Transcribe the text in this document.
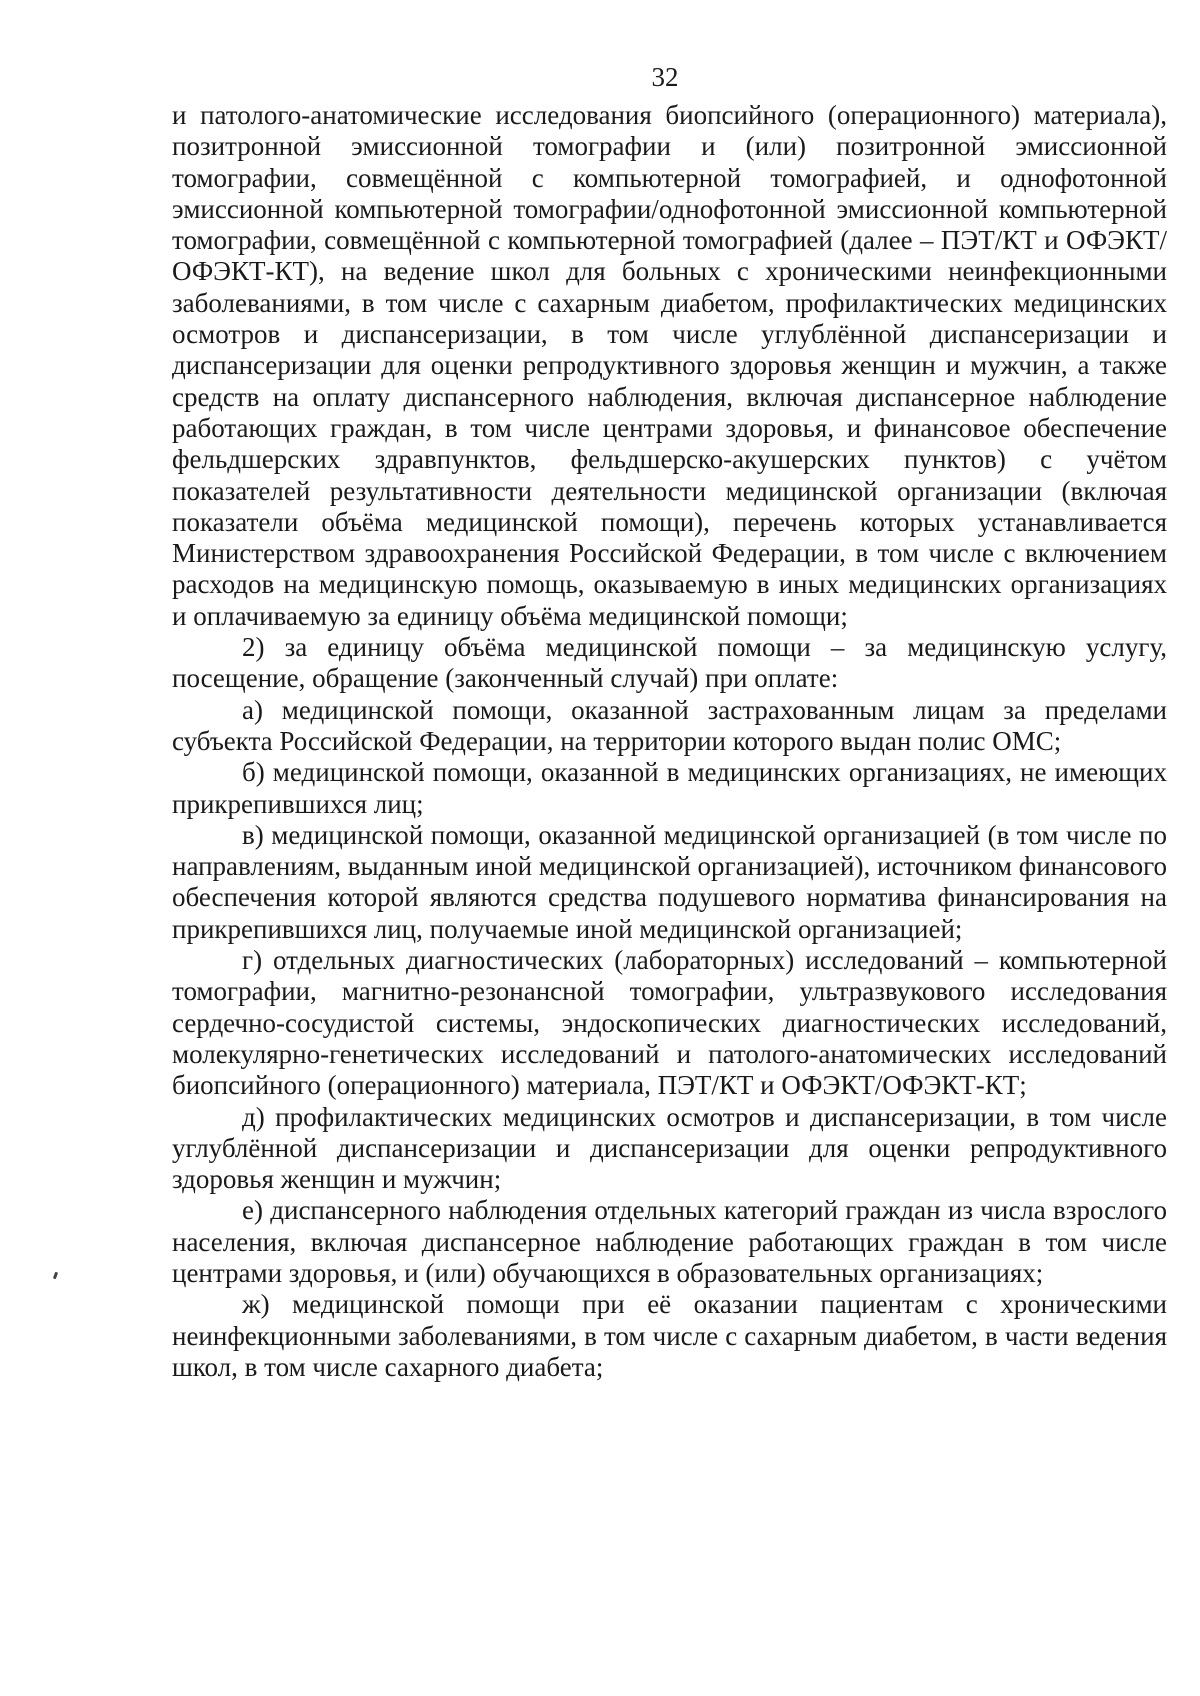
32

и патолого-анатомические исследования биопсийного (операционного) материала), позитронной эмиссионной томографии и (или) позитронной эмиссионной томографии, совмещённой с компьютерной томографией, и однофотонной эмиссионной компьютерной томографии/однофотонной эмиссионной компьютерной томографии, совмещённой с компьютерной томографией (далее – ПЭТ/КТ и ОФЭКТ/ОФЭКТ-КТ), на ведение школ для больных с хроническими неинфекционными заболеваниями, в том числе с сахарным диабетом, профилактических медицинских осмотров и диспансеризации, в том числе углублённой диспансеризации и диспансеризации для оценки репродуктивного здоровья женщин и мужчин, а также средств на оплату диспансерного наблюдения, включая диспансерное наблюдение работающих граждан, в том числе центрами здоровья, и финансовое обеспечение фельдшерских здравпунктов, фельдшерско-акушерских пунктов) с учётом показателей результативности деятельности медицинской организации (включая показатели объёма медицинской помощи), перечень которых устанавливается Министерством здравоохранения Российской Федерации, в том числе с включением расходов на медицинскую помощь, оказываемую в иных медицинских организациях и оплачиваемую за единицу объёма медицинской помощи;

2) за единицу объёма медицинской помощи – за медицинскую услугу, посещение, обращение (законченный случай) при оплате:

а) медицинской помощи, оказанной застрахованным лицам за пределами субъекта Российской Федерации, на территории которого выдан полис ОМС;

б) медицинской помощи, оказанной в медицинских организациях, не имеющих прикрепившихся лиц;

в) медицинской помощи, оказанной медицинской организацией (в том числе по направлениям, выданным иной медицинской организацией), источником финансового обеспечения которой являются средства подушевого норматива финансирования на прикрепившихся лиц, получаемые иной медицинской организацией;

г) отдельных диагностических (лабораторных) исследований – компьютерной томографии, магнитно-резонансной томографии, ультразвукового исследования сердечно-сосудистой системы, эндоскопических диагностических исследований, молекулярно-генетических исследований и патолого-анатомических исследований биопсийного (операционного) материала, ПЭТ/КТ и ОФЭКТ/ОФЭКТ-КТ;

д) профилактических медицинских осмотров и диспансеризации, в том числе углублённой диспансеризации и диспансеризации для оценки репродуктивного здоровья женщин и мужчин;

е) диспансерного наблюдения отдельных категорий граждан из числа взрослого населения, включая диспансерное наблюдение работающих граждан в том числе центрами здоровья, и (или) обучающихся в образовательных организациях;

ж) медицинской помощи при её оказании пациентам с хроническими неинфекционными заболеваниями, в том числе с сахарным диабетом, в части ведения школ, в том числе сахарного диабета;
